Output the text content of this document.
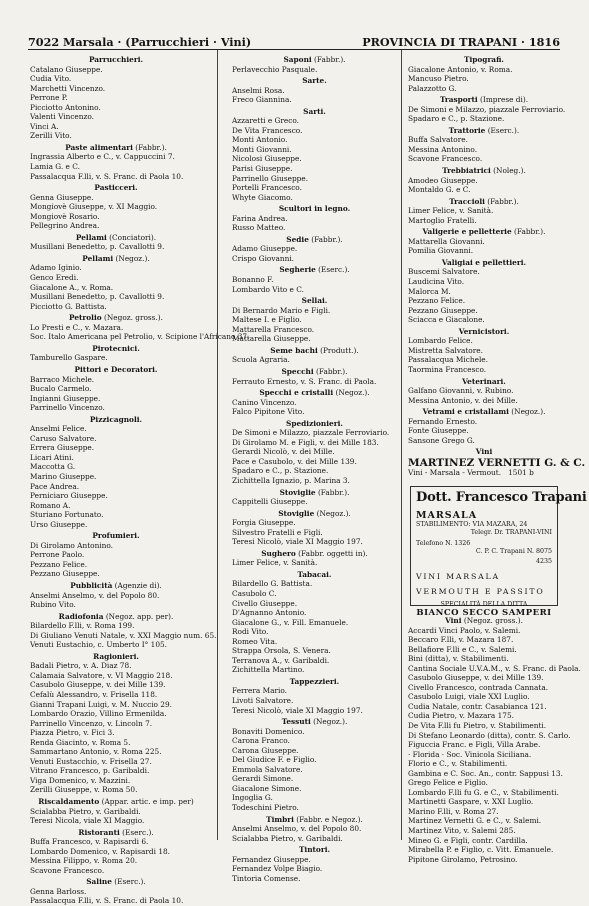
7022 Marsala · (Parrucchieri · Vini)	PROVINCIA DI TRAPANI · 1816
Parrucchieri.
Catalano Giuseppe.
Cudia Vito.
Marchetti Vincenzo.
Perrone P.
Picciotto Antonino.
Valenti Vincenzo.
Vinci A.
Zerilli Vito.
Paste alimentari (Fabbr.).
Ingrassia Alberto e C., v. Cappuccini 7.
Lamia G. e C.
Passalacqua F.lli, v. S. Franc. di Paola 10.
Pasticceri.
Genna Giuseppe.
Mongiovè Giuseppe, v. XI Maggio.
Mongiovè Rosario.
Pellegrino Andrea.
Pellami (Conciatori).
Musillani Benedetto, p. Cavallotti 9.
Pellami (Negoz.).
Adamo Iginio.
Genco Eredi.
Giacalone A., v. Roma.
Musillani Benedetto, p. Cavallotti 9.
Picciotto G. Battista.
Petrolio (Negoz. gross.).
Lo Presti e C., v. Mazara.
Soc. Italo Americana pel Petrolio, v. Scipione l'Africano 37.
Pirotecnici.
Tamburello Gaspare.
Pittori e Decoratori.
Barraco Michele.
Bucalo Carmelo.
Ingianni Giuseppe.
Parrinello Vincenzo.
Pizzicagnoli.
Anselmi Felice.
Caruso Salvatore.
Errera Giuseppe.
Licari Atini.
Maccotta G.
Marino Giuseppe.
Pace Andrea.
Perniciaro Giuseppe.
Romano A.
Sturiano Fortunato.
Urso Giuseppe.
Profumieri.
Di Girolamo Antonino.
Perrone Paolo.
Pezzano Felice.
Pezzano Giuseppe.
Pubblicità (Agenzie di).
Anselmi Anselmo, v. del Popolo 80.
Rubino Vito.
Radiofonia (Negoz. app. per).
Bilardello F.lli, v. Roma 199.
Di Giuliano Venuti Natale, v. XXI Maggio num. 65.
Venuti Eustachio, c. Umberto I° 105.
Ragionieri.
Badali Pietro, v. A. Diaz 78.
Calamaia Salvatore, v. VI Maggio 218.
Casubolo Giuseppe, v. dei Mille 139.
Cefalù Alessandro, v. Frisella 118.
Gianni Trapani Luigi, v. M. Nuccio 29.
Lombardo Orazio, Villino Ermenilda.
Parrinello Vincenzo, v. Lincoln 7.
Piazza Pietro, v. Fici 3.
Renda Giacinto, v. Roma 5.
Sammartano Antonio, v. Roma 225.
Venuti Eustacchio, v. Frisella 27.
Vitrano Francesco, p. Garibaldi.
Viga Domenico, v. Mazzini.
Zerilli Giuseppe, v. Roma 50.
Riscaldamento (Appar. artic. e imp. per)
Scialabba Pietro, v. Garibaldi.
Teresi Nicola, viale XI Maggio.
Ristoranti (Eserc.).
Buffa Francesco, v. Rapisardi 6.
Lombardo Domenico, v. Rapisardi 18.
Messina Filippo, v. Roma 20.
Scavone Francesco.
Saline (Eserc.).
Genna Barloss.
Passalacqua F.lli, v. S. Franc. di Paola 10.
Saponi (Fabbr.).
Perlavecchio Pasquale.
Sarte.
Anselmi Rosa.
Freco Giannina.
Sarti.
Azzaretti e Greco.
De Vita Francesco.
Monti Antonio.
Monti Giovanni.
Nicolosi Giuseppe.
Parisi Giuseppe.
Parrinello Giuseppe.
Portelli Francesco.
Whyte Giacomo.
Scultori in legno.
Farina Andrea.
Russo Matteo.
Sedie (Fabbr.).
Adamo Giuseppe.
Crispo Giovanni.
Segherie (Eserc.).
Bonanno F.
Lombardo Vito e C.
Sellai.
Di Bernardo Mario e Figli.
Maltese I. e Figlio.
Mattarella Francesco.
Mattarella Giuseppe.
Seme bachi (Produtt.).
Scuola Agraria.
Specchi (Fabbr.).
Ferrauto Ernesto, v. S. Franc. di Paola.
Specchi e cristalli (Negoz.).
Canino Vincenzo.
Falco Pipitone Vito.
Spedizionieri.
De Simoni e Milazzo, piazzale Ferroviario.
Di Girolamo M. e Figli, v. dei Mille 183.
Gerardi Nicolò, v. dei Mille.
Pace e Casubolo, v. dei Mille 139.
Spadaro e C., p. Stazione.
Zichittella Ignazio, p. Marina 3.
Stoviglie (Fabbr.).
Cappitelli Giuseppe.
Stoviglie (Negoz.).
Forgia Giuseppe.
Silvestro Fratelli e Figli.
Teresi Nicolò, viale XI Maggio 197.
Sughero (Fabbr. oggetti in).
Limer Felice, v. Sanità.
Tabacai.
Bilardello G. Battista.
Casubolo C.
Civello Giuseppe.
D'Agnanno Antonio.
Giacalone G., v. Fill. Emanuele.
Rodi Vito.
Romeo Vita.
Strappa Orsola, S. Venera.
Terranova A., v. Garibaldi.
Zichittella Martino.
Tappezzieri.
Ferrera Mario.
Livoti Salvatore.
Teresi Nicolò, viale XI Maggio 197.
Tessuti (Negoz.).
Bonaviti Domenico.
Carona Franco.
Carona Giuseppe.
Del Giudice F. e Figlio.
Emmola Salvatore.
Gerardi Simone.
Giacalone Simone.
Ingoglia G.
Todeschini Pietro.
Timbri (Fabbr. e Negoz.).
Anselmi Anselmo, v. del Popolo 80.
Scialabba Pietro, v. Garibaldi.
Tintori.
Fernandez Giuseppe.
Fernandez Volpe Biagio.
Tintoria Comense.
Tipografi.
Giacalone Antonio, v. Roma.
Mancuso Pietro.
Palazzotto G.
Trasporti (Imprese di).
De Simoni e Milazzo, piazzale Ferroviario.
Spadaro e C., p. Stazione.
Trattorie (Eserc.).
Buffa Salvatore.
Messina Antonino.
Scavone Francesco.
Trebbiatrici (Noleg.).
Amodeo Giuseppe.
Montaldo G. e C.
Traccioli (Fabbr.).
Limer Felice, v. Sanità.
Martoglio Fratelli.
Valigerie e pelletterie (Fabbr.).
Mattarella Giovanni.
Pomilia Giovanni.
Valigiai e pellettieri.
Buscemi Salvatore.
Laudicina Vito.
Malorca M.
Pezzano Felice.
Pezzano Giuseppe.
Sciacca e Giacalone.
Vernicistori.
Lombardo Felice.
Mistretta Salvatore.
Passalacqua Michele.
Taormina Francesco.
Veterinari.
Galfano Giovanni, v. Rubino.
Messina Antonio, v. dei Mille.
Vetrami e cristallami (Negoz.).
Fernando Ernesto.
Fonte Giuseppe.
Sansone Grego G.
Vini
MARTINEZ VERNETTI G. & C.
Vini - Marsala - Vermout. 1501 b
Dott. Francesco Trapani
MARSALA
STABILIMENTO: VIA MAZARA, 24
Telegr. Dr. TRAPANI-VINI
Telefono N. 1326
C. P. C. Trapani N. 8075
4235
VINI MARSALA
VERMOUTH E PASSITO
SPECIALITÀ DELLA DITTA
BIANCO SECCO SAMPERI
Vini (Negoz. gross.).
Accardi Vinci Paolo, v. Salemi.
Beccaro F.lli, v. Mazara 187.
Bellafiore F.lli e C., v. Salemi.
Bini (ditta), v. Stabilimenti.
Cantina Sociale U.V.A.M., v. S. Franc. di Paola.
Casubolo Giuseppe, v. dei Mille 139.
Civello Francesco, contrada Cannata.
Casubolo Luigi, viale XXI Luglio.
Cudia Natale, contr. Casabianca 121.
Cudia Pietro, v. Mazara 175.
De Vita F.lli fu Pietro, v. Stabilimenti.
Di Stefano Leonardo (ditta), contr. S. Carlo.
Figuccia Franc. e Figli, Villa Arabe.
· Florida · Soc. Vinicola Siciliana.
Florio e C., v. Stabilimenti.
Gambina e C. Soc. An., contr. Sappusi 13.
Grego Felice e Figlio.
Lombardo F.lli fu G. e C., v. Stabilimenti.
Martinetti Gaspare, v. XXI Luglio.
Marino F.lli, v. Roma 27.
Martinez Vernetti G. e C., v. Salemi.
Martinez Vito, v. Salemi 285.
Mineo G. e Figli, contr. Cardilla.
Mirabella P. e Figlio, c. Vitt. Emanuele.
Pipitone Girolamo, Petrosino.
